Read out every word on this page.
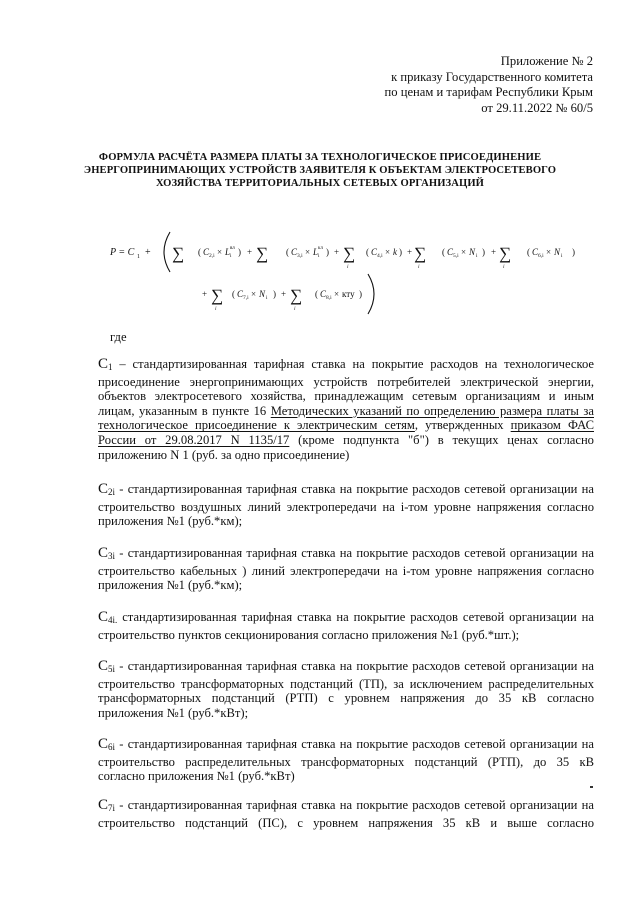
Приложение № 2
к приказу Государственного комитета
по ценам и тарифам Республики Крым
от 29.11.2022 № 60/5
ФОРМУЛА РАСЧЁТА РАЗМЕРА ПЛАТЫ ЗА ТЕХНОЛОГИЧЕСКОЕ ПРИСОЕДИНЕНИЕ
ЭНЕРГОПРИНИМАЮЩИХ УСТРОЙСТВ ЗАЯВИТЕЛЯ К ОБЪЕКТАМ ЭЛЕКТРОСЕТЕВОГО
ХОЗЯЙСТВА ТЕРРИТОРИАЛЬНЫХ СЕТЕВЫХ ОРГАНИЗАЦИЙ
P = C 1 + ∑ ( C 2,i × L i
вл ) + ∑ ( C 3,i × L i
кл ) + ∑
i
( C 4,i × k ) + ∑
i
( C 5,i × N i ) + ∑
i
( C 6,i × N i )
+ ∑
i
( C 7,i × N i ) + ∑
i
( C 8,i × кту )
где
$С_1$ – стандартизированная тарифная ставка на покрытие расходов на технологическое
присоединение энергопринимающих устройств потребителей электрической энергии,
объектов электросетевого хозяйства, принадлежащим сетевым организациям и иным
лицам, указанным в пункте 16 Методических указаний по определению размера платы за
технологическое присоединение к электрическим сетям, утвержденных приказом ФАС
России от 29.08.2017 N 1135/17 (кроме подпункта "б") в текущих ценах согласно
приложению N 1 (руб. за одно присоединение)
$С_{2i}$ - стандартизированная тарифная ставка на покрытие расходов сетевой организации на
строительство воздушных линий электропередачи на i-том уровне напряжения согласно
приложения №1 (руб.*км);
$С_{3i}$ - стандартизированная тарифная ставка на покрытие расходов сетевой организации на
строительство кабельных ) линий электропередачи на i-том уровне напряжения согласно
приложения №1 (руб.*км);
$С_{4i.}$ стандартизированная тарифная ставка на покрытие расходов сетевой организации на
строительство пунктов секционирования согласно приложения №1 (руб.*шт.);
$С_{5i}$ - стандартизированная тарифная ставка на покрытие расходов сетевой организации на
строительство трансформаторных подстанций (ТП), за исключением распределительных
трансформаторных подстанций (РТП) с уровнем напряжения до 35 кВ согласно
приложения №1 (руб.*кВт);
$С_{6i}$ - стандартизированная тарифная ставка на покрытие расходов сетевой организации на
строительство распределительных трансформаторных подстанций (РТП), до 35 кВ
согласно приложения №1 (руб.*кВт)
$С_{7i}$ - стандартизированная тарифная ставка на покрытие расходов сетевой организации на
строительство подстанций (ПС), с уровнем напряжения 35 кВ и выше согласно
